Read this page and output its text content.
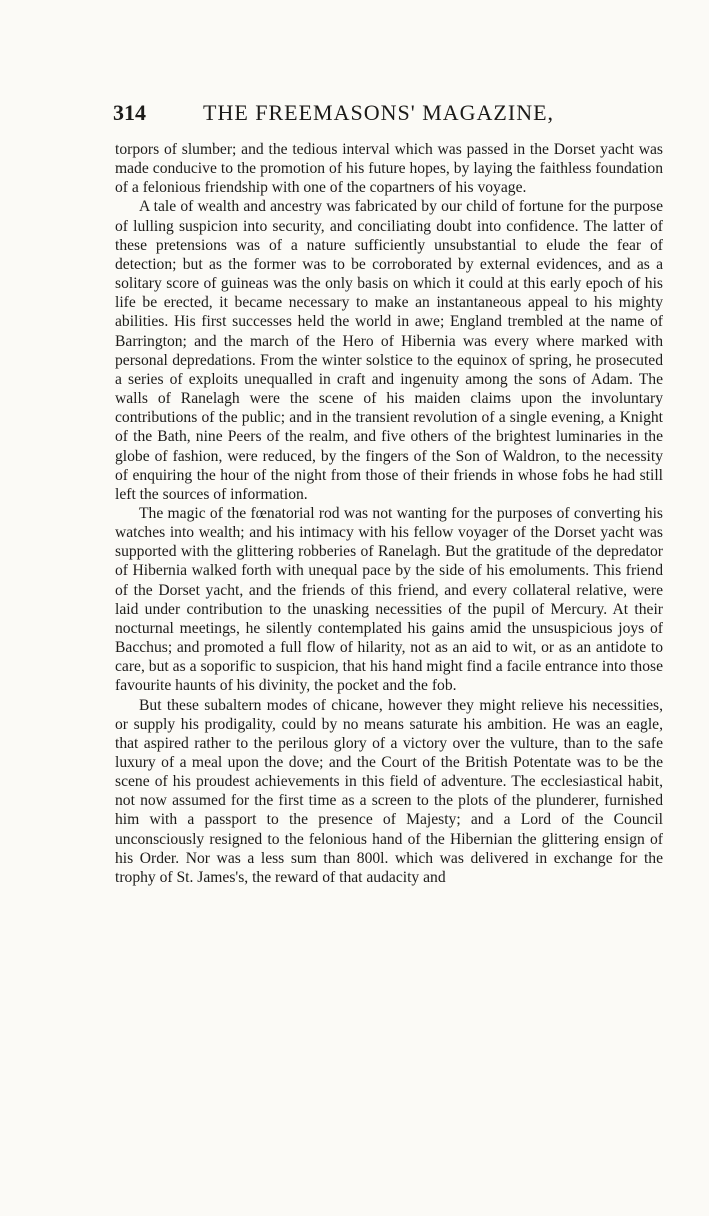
314	THE FREEMASONS' MAGAZINE,

torpors of slumber; and the tedious interval which was passed in the Dorset yacht was made conducive to the promotion of his future hopes, by laying the faithless foundation of a felonious friendship with one of the copartners of his voyage.

A tale of wealth and ancestry was fabricated by our child of fortune for the purpose of lulling suspicion into security, and conciliating doubt into confidence. The latter of these pretensions was of a nature sufficiently unsubstantial to elude the fear of detection; but as the former was to be corroborated by external evidences, and as a solitary score of guineas was the only basis on which it could at this early epoch of his life be erected, it became necessary to make an instantaneous appeal to his mighty abilities. His first successes held the world in awe; England trembled at the name of Barrington; and the march of the Hero of Hibernia was every where marked with personal depredations. From the winter solstice to the equinox of spring, he prosecuted a series of exploits unequalled in craft and ingenuity among the sons of Adam. The walls of Ranelagh were the scene of his maiden claims upon the involuntary contributions of the public; and in the transient revolution of a single evening, a Knight of the Bath, nine Peers of the realm, and five others of the brightest luminaries in the globe of fashion, were reduced, by the fingers of the Son of Waldron, to the necessity of enquiring the hour of the night from those of their friends in whose fobs he had still left the sources of information.

The magic of the fœnatorial rod was not wanting for the purposes of converting his watches into wealth; and his intimacy with his fellow voyager of the Dorset yacht was supported with the glittering robberies of Ranelagh. But the gratitude of the depredator of Hibernia walked forth with unequal pace by the side of his emoluments. This friend of the Dorset yacht, and the friends of this friend, and every collateral relative, were laid under contribution to the unasking necessities of the pupil of Mercury. At their nocturnal meetings, he silently contemplated his gains amid the unsuspicious joys of Bacchus; and promoted a full flow of hilarity, not as an aid to wit, or as an antidote to care, but as a soporific to suspicion, that his hand might find a facile entrance into those favourite haunts of his divinity, the pocket and the fob.

But these subaltern modes of chicane, however they might relieve his necessities, or supply his prodigality, could by no means saturate his ambition. He was an eagle, that aspired rather to the perilous glory of a victory over the vulture, than to the safe luxury of a meal upon the dove; and the Court of the British Potentate was to be the scene of his proudest achievements in this field of adventure. The ecclesiastical habit, not now assumed for the first time as a screen to the plots of the plunderer, furnished him with a passport to the presence of Majesty; and a Lord of the Council unconsciously resigned to the felonious hand of the Hibernian the glittering ensign of his Order. Nor was a less sum than 800l. which was delivered in exchange for the trophy of St. James's, the reward of that audacity and
